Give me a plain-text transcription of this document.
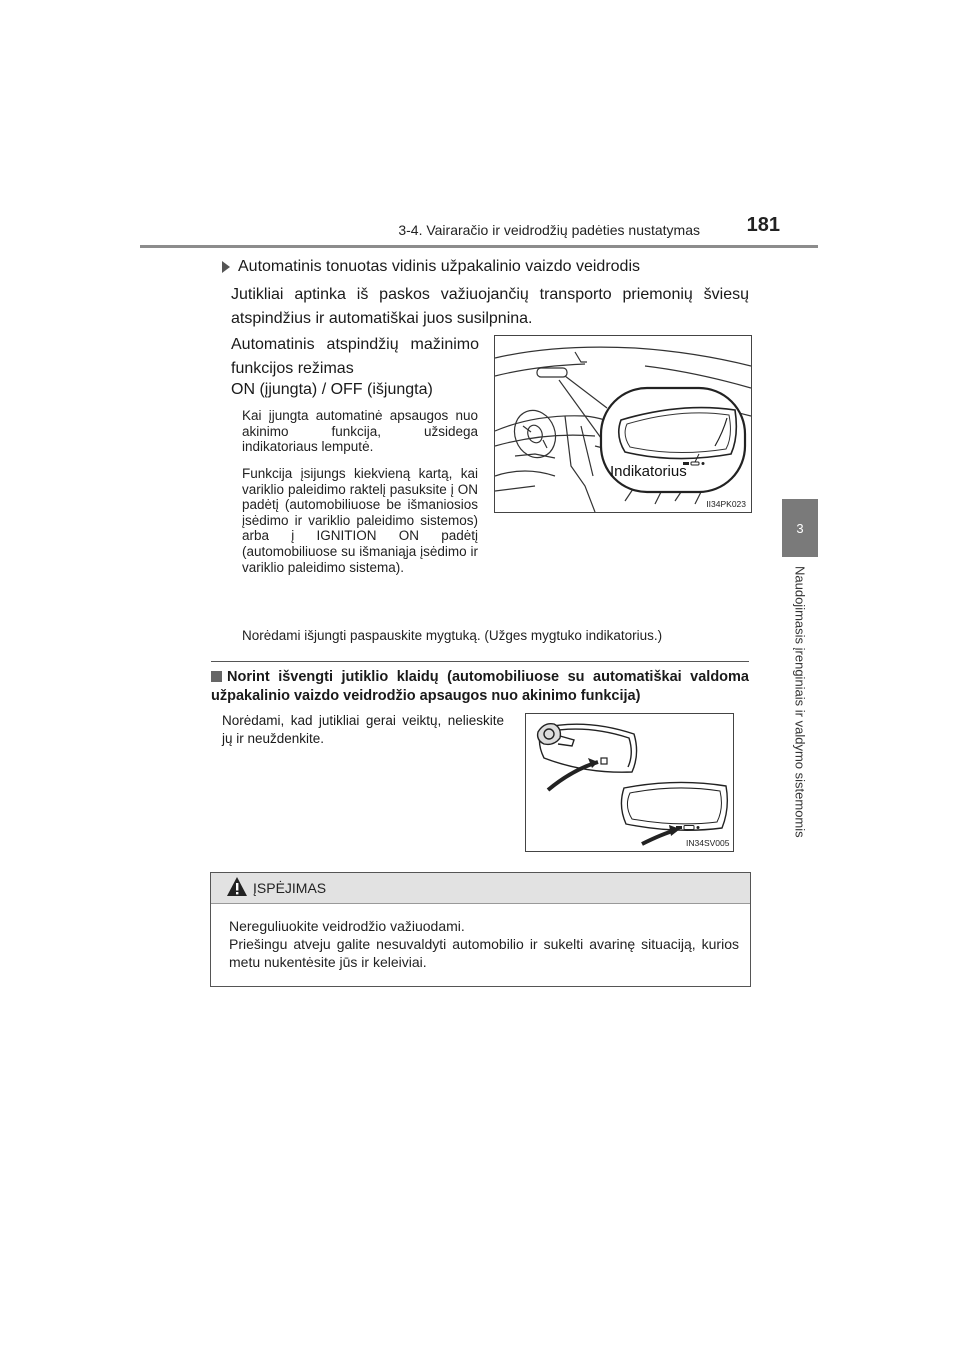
3-4. Vairaračio ir veidrodžių padėties nustatymas	181
3
Naudojimasis įrenginiais ir valdymo sistemomis
Automatinis tonuotas vidinis užpakalinio vaizdo veidrodis
Jutikliai aptinka iš paskos važiuojančių transporto priemonių šviesų atspindžius ir automatiškai juos susilpnina.
Automatinis atspindžių mažinimo funkcijos režimas
ON (įjungta) / OFF (išjungta)
Kai įjungta automatinė apsaugos nuo akinimo funkcija, užsidega indikatoriaus lemputė.
Funkcija įsijungs kiekvieną kartą, kai variklio paleidimo raktelį pasuksite į ON padėtį (automobiliuose be išmaniosios įsėdimo ir variklio paleidimo sistemos) arba į IGNITION ON padėtį (automobiliuose su išmaniąja įsėdimo ir variklio paleidimo sistema).
Norėdami išjungti paspauskite mygtuką. (Užges mygtuko indikatorius.)
Indikatorius
II34PK023
Norint išvengti jutiklio klaidų (automobiliuose su automatiškai valdoma užpakalinio vaizdo veidrodžio apsaugos nuo akinimo funkcija)
Norėdami, kad jutikliai gerai veiktų, nelieskite jų ir neuždenkite.
IN34SV005
ĮSPĖJIMAS
Nereguliuokite veidrodžio važiuodami.
Priešingu atveju galite nesuvaldyti automobilio ir sukelti avarinę situaciją, kurios metu nukentėsite jūs ir keleiviai.
